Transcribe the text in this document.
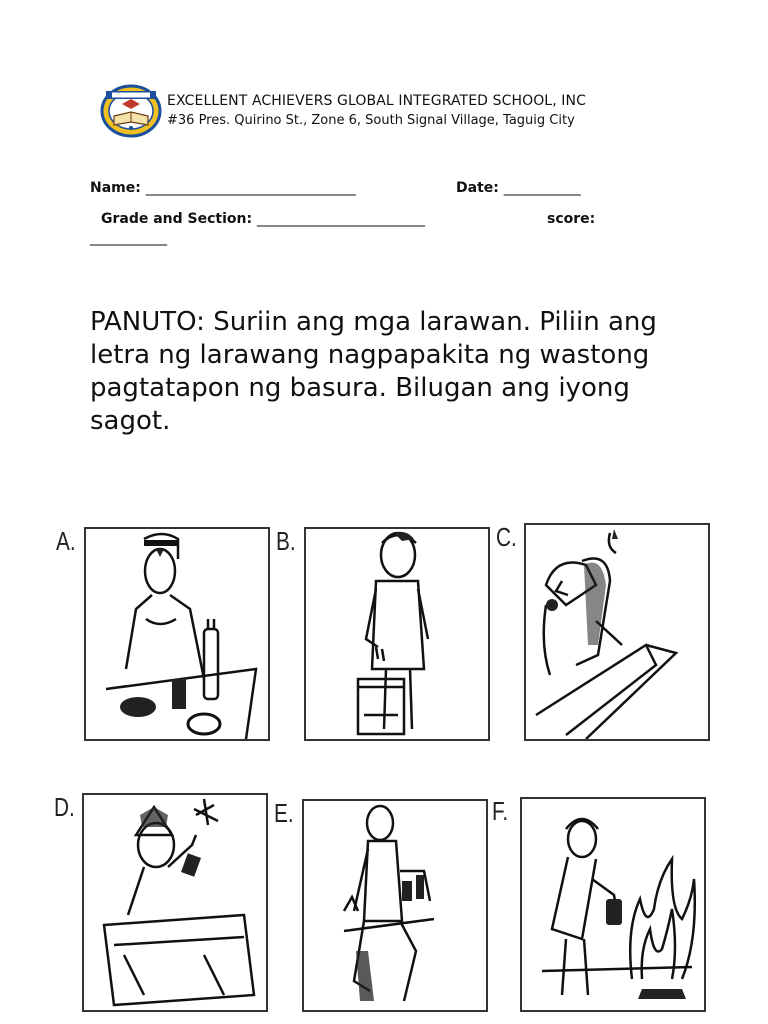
EXCELLENT ACHIEVERS GLOBAL INTEGRATED SCHOOL, INC
#36 Pres. Quirino St., Zone 6, South Signal Village, Taguig City
Name: ______________________________	Date: ___________
Grade and Section: ________________________	score:
___________
PANUTO: Suriin ang mga larawan. Piliin ang letra ng larawang nagpapakita ng wastong pagtatapon ng basura. Bilugan ang iyong sagot.
A.	B.	C.
D.	E.	F.
